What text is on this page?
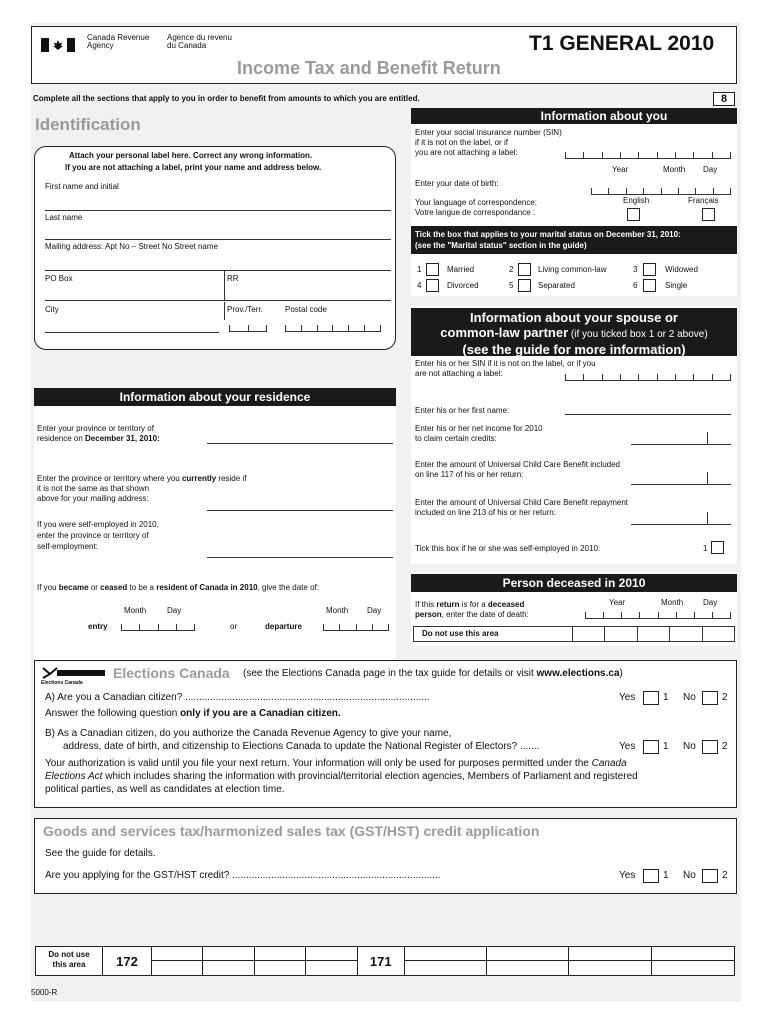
Canada Revenue
Agency
Agence du revenu
du Canada	T1 GENERAL 2010
Income Tax and Benefit Return
Complete all the sections that apply to you in order to benefit from amounts to which you are entitled.	8
Identification
Attach your personal label here. Correct any wrong information.
If you are not attaching a label, print your name and address below.
First name and initial
Last name
Mailing address: Apt No – Street No Street name
PO Box	RR
City	Prov./Terr.	Postal code
Information about you
Enter your social insurance number (SIN)
if it is not on the label, or if
you are not attaching a label:
Year	Month Day
Enter your date of birth:
Your language of correspondence:
Votre langue de correspondance :
English	Français
Tick the box that applies to your marital status on December 31, 2010:
(see the "Marital status" section in the guide)
1	Married	2	Living common-law	3	Widowed
4	Divorced	5	Separated	6	Single
Information about your spouse or
common-law partner (if you ticked box 1 or 2 above)
(see the guide for more information)
Enter his or her SIN if it is not on the label, or if you
are not attaching a label:
Enter his or her first name:
Enter his or her net income for 2010
to claim certain credits:
Enter the amount of Universal Child Care Benefit included
on line 117 of his or her return:
Enter the amount of Universal Child Care Benefit repayment
included on line 213 of his or her return:
Tick this box if he or she was self-employed in 2010:	1
Information about your residence
Enter your province or territory of
residence on December 31, 2010:
Enter the province or territory where you currently reside if
it is not the same as that shown
above for your mailing address:
If you were self-employed in 2010,
enter the province or territory of
self-employment:
If you became or ceased to be a resident of Canada in 2010, give the date of:
Month	Day
entry	or
Month Day
departure
Person deceased in 2010
Year	Month Day
If this return is for a deceased
person, enter the date of death:
Do not use this area
Elections Canada
Elections Canada (see the Elections Canada page in the tax guide for details or visit www.elections.ca)
A) Are you a Canadian citizen? ........................................................................................	Yes	1 No	2
Answer the following question only if you are a Canadian citizen.
B) As a Canadian citizen, do you authorize the Canada Revenue Agency to give your name,
address, date of birth, and citizenship to Elections Canada to update the National Register of Electors? .......	Yes	1 No	2
Your authorization is valid until you file your next return. Your information will only be used for purposes permitted under the Canada
Elections Act which includes sharing the information with provincial/territorial election agencies, Members of Parliament and registered
political parties, as well as candidates at election time.
Goods and services tax/harmonized sales tax (GST/HST) credit application
See the guide for details.
Are you applying for the GST/HST credit? ...........................................................................	Yes	1 No	2
Do not use
this area	172	171
5000-R
